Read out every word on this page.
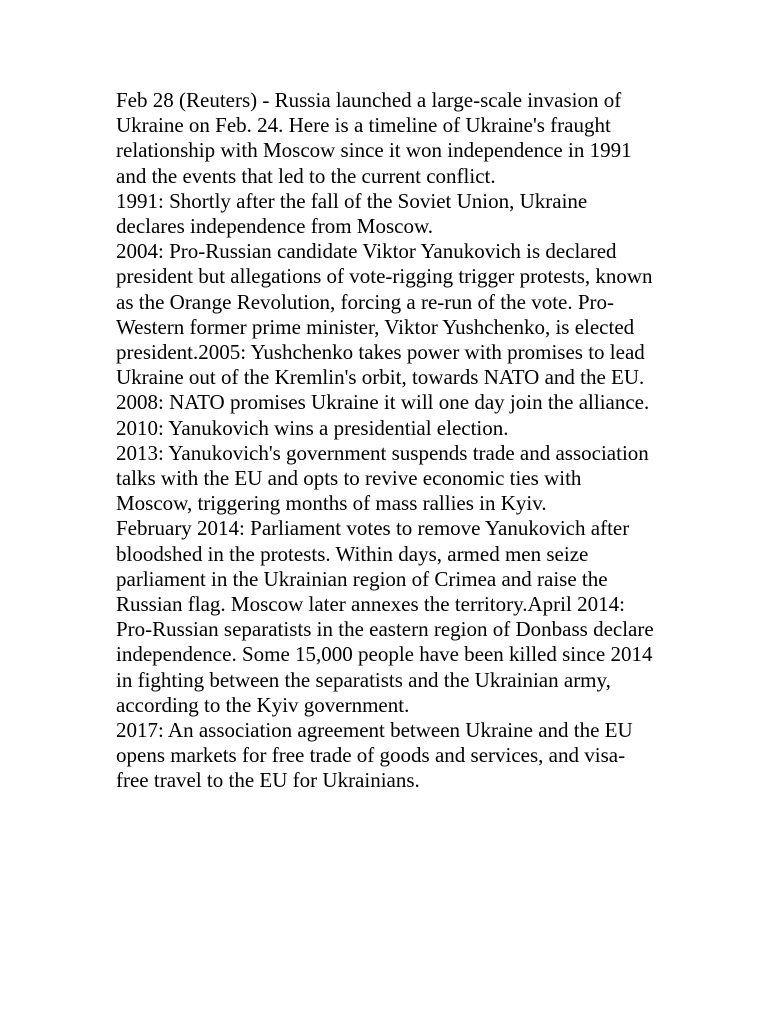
Feb 28 (Reuters) - Russia launched a large-scale invasion of Ukraine on Feb. 24. Here is a timeline of Ukraine's fraught relationship with Moscow since it won independence in 1991 and the events that led to the current conflict.

1991: Shortly after the fall of the Soviet Union, Ukraine declares independence from Moscow.

2004: Pro-Russian candidate Viktor Yanukovich is declared president but allegations of vote-rigging trigger protests, known as the Orange Revolution, forcing a re-run of the vote. Pro-Western former prime minister, Viktor Yushchenko, is elected president.2005: Yushchenko takes power with promises to lead Ukraine out of the Kremlin's orbit, towards NATO and the EU.

2008: NATO promises Ukraine it will one day join the alliance.

2010: Yanukovich wins a presidential election.

2013: Yanukovich's government suspends trade and association talks with the EU and opts to revive economic ties with Moscow, triggering months of mass rallies in Kyiv.

February 2014: Parliament votes to remove Yanukovich after bloodshed in the protests. Within days, armed men seize parliament in the Ukrainian region of Crimea and raise the Russian flag. Moscow later annexes the territory.April 2014: Pro-Russian separatists in the eastern region of Donbass declare independence. Some 15,000 people have been killed since 2014 in fighting between the separatists and the Ukrainian army, according to the Kyiv government.

2017: An association agreement between Ukraine and the EU opens markets for free trade of goods and services, and visa-free travel to the EU for Ukrainians.
